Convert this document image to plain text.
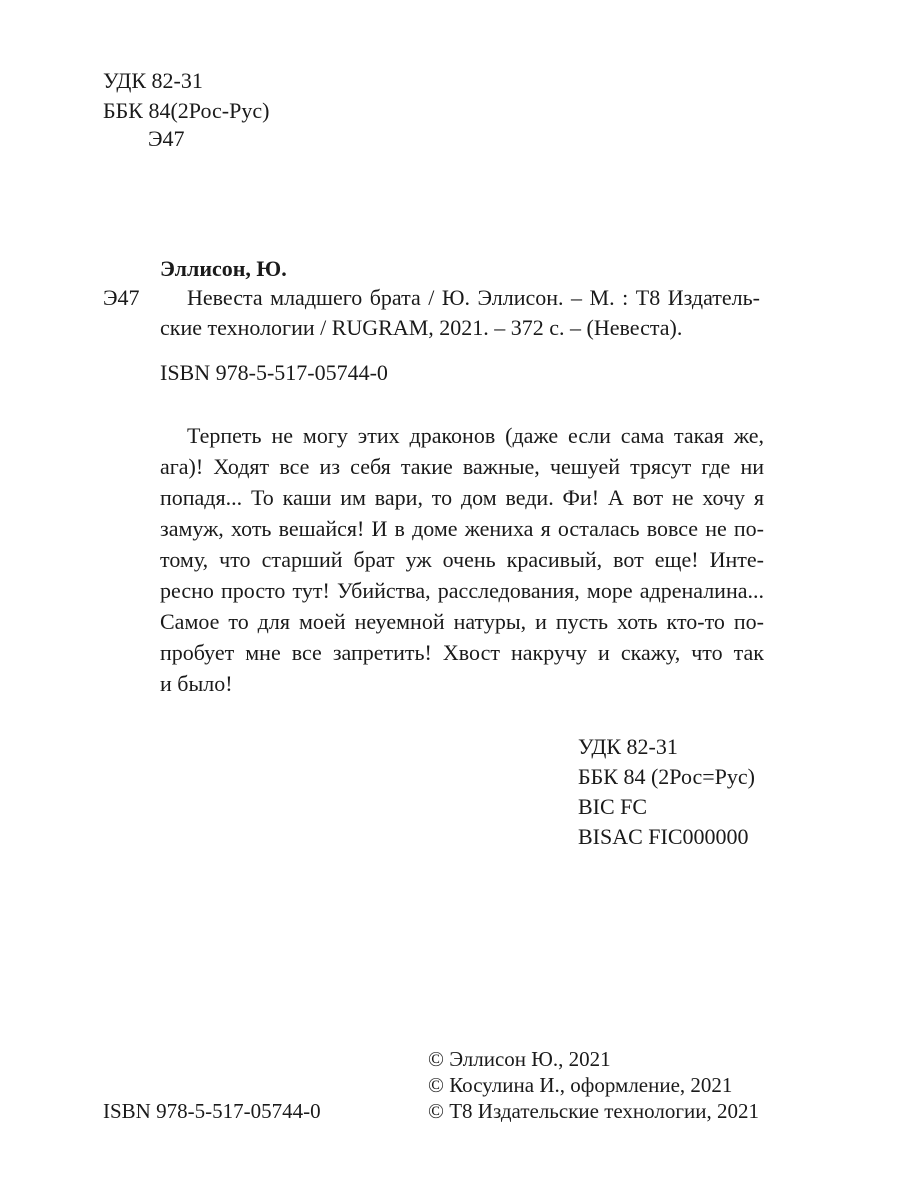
УДК 82-31
ББК 84(2Рос-Рус)
Э47
Эллисон, Ю.
Э47	Невеста младшего брата / Ю. Эллисон. – М. : Т8 Издатель-
ские технологии / RUGRAM, 2021. – 372 с. – (Невеста).
ISBN 978-5-517-05744-0
Терпеть не могу этих драконов (даже если сама такая же,
ага)! Ходят все из себя такие важные, чешуей трясут где ни
попадя... То каши им вари, то дом веди. Фи! А вот не хочу я
замуж, хоть вешайся! И в доме жениха я осталась вовсе не по-
тому, что старший брат уж очень красивый, вот еще! Инте-
ресно просто тут! Убийства, расследования, море адреналина...
Самое то для моей неуемной натуры, и пусть хоть кто-то по-
пробует мне все запретить! Хвост накручу и скажу, что так
и было!
УДК 82-31
ББК 84 (2Рос=Рус)
BIC FC
BISAC FIC000000
© Эллисон Ю., 2021
© Косулина И., оформление, 2021
© Т8 Издательские технологии, 2021
ISBN 978-5-517-05744-0
